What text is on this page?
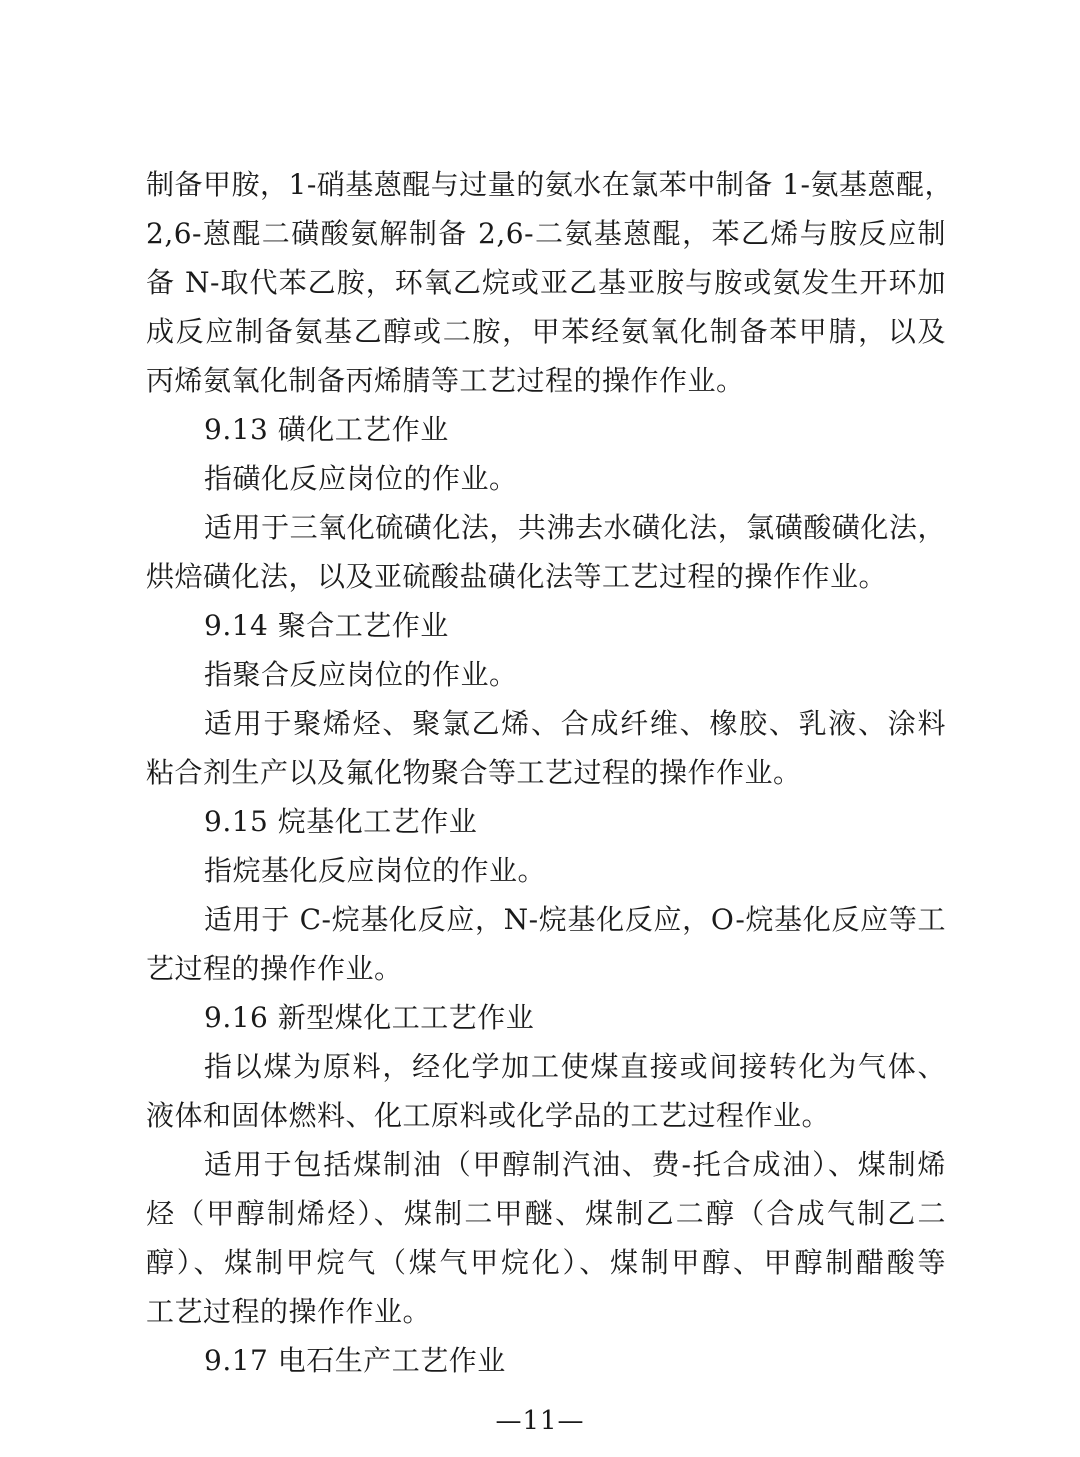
制备甲胺，1-硝基蒽醌与过量的氨水在氯苯中制备 1-氨基蒽醌，
2,6-蒽醌二磺酸氨解制备 2,6-二氨基蒽醌，苯乙烯与胺反应制
备 N-取代苯乙胺，环氧乙烷或亚乙基亚胺与胺或氨发生开环加
成反应制备氨基乙醇或二胺，甲苯经氨氧化制备苯甲腈，以及
丙烯氨氧化制备丙烯腈等工艺过程的操作作业。
9.13 磺化工艺作业
指磺化反应岗位的作业。
适用于三氧化硫磺化法，共沸去水磺化法，氯磺酸磺化法，
烘焙磺化法，以及亚硫酸盐磺化法等工艺过程的操作作业。
9.14 聚合工艺作业
指聚合反应岗位的作业。
适用于聚烯烃、聚氯乙烯、合成纤维、橡胶、乳液、涂料
粘合剂生产以及氟化物聚合等工艺过程的操作作业。
9.15 烷基化工艺作业
指烷基化反应岗位的作业。
适用于 C-烷基化反应，N-烷基化反应，O-烷基化反应等工
艺过程的操作作业。
9.16 新型煤化工工艺作业
指以煤为原料，经化学加工使煤直接或间接转化为气体、
液体和固体燃料、化工原料或化学品的工艺过程作业。
适用于包括煤制油（甲醇制汽油、费-托合成油）、煤制烯
烃（甲醇制烯烃）、煤制二甲醚、煤制乙二醇（合成气制乙二
醇）、煤制甲烷气（煤气甲烷化）、煤制甲醇、甲醇制醋酸等
工艺过程的操作作业。
9.17 电石生产工艺作业
—11—
